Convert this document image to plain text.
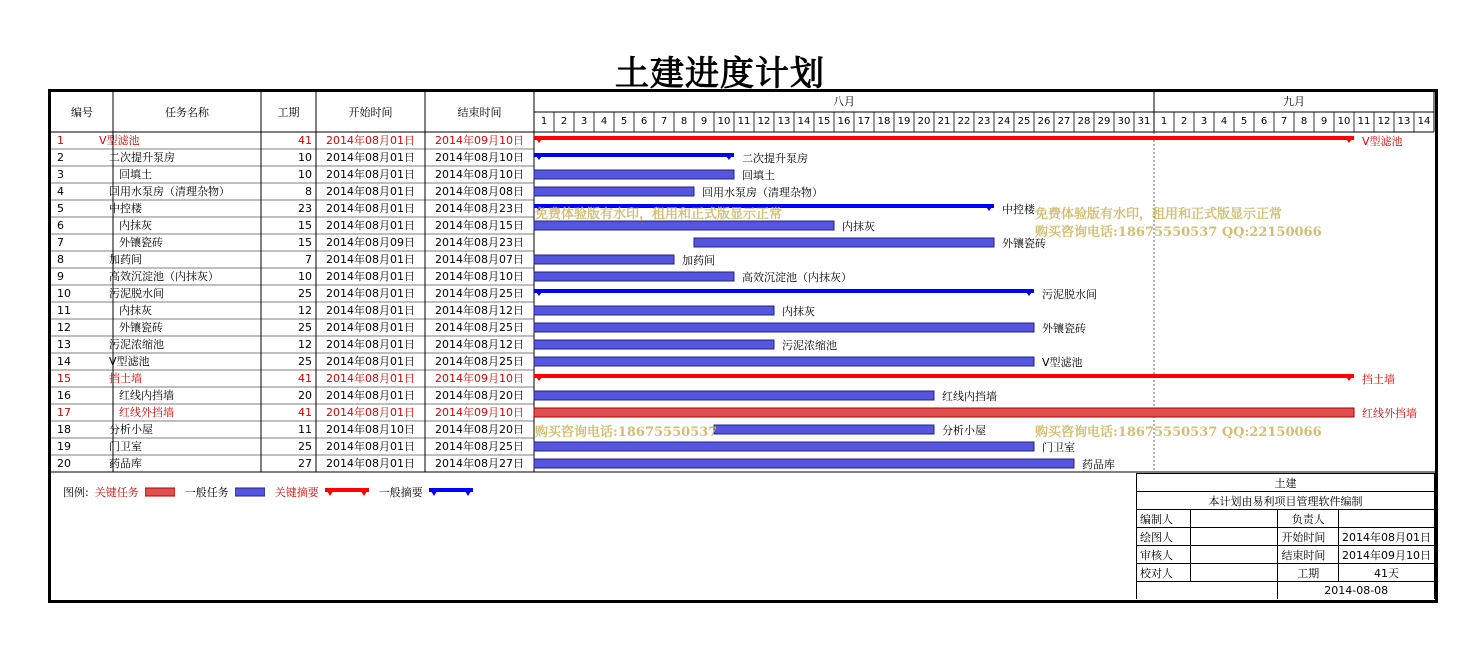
土建进度计划
编号	任务名称	工期	开始时间	结束时间
八月
1 2 3 4 5 6 7 8 9 10 11 12 13 14 15 16 17 18 19 20 21 22 23 24 25 26 27 28 29 30 31
九月
1 2 3 4 5 6 7 8 9 10 11 12 13 14
1	V型滤池	41 2014年08月01日 2014年09月10日	V型滤池
2	二次提升泵房	10 2014年08月01日 2014年08月10日	二次提升泵房
3	回填土	10 2014年08月01日 2014年08月10日	回填土
4	回用水泵房（清理杂物）	8 2014年08月01日 2014年08月08日	回用水泵房（清理杂物）
5	中控楼	23 2014年08月01日 2014年08月23日	中控楼
6	内抹灰	15 2014年08月01日 2014年08月15日	内抹灰
7	外镶瓷砖	15 2014年08月09日 2014年08月23日	外镶瓷砖
8	加药间	7 2014年08月01日 2014年08月07日	加药间
9	高效沉淀池（内抹灰）	10 2014年08月01日 2014年08月10日	高效沉淀池（内抹灰）
10	污泥脱水间	25 2014年08月01日 2014年08月25日	污泥脱水间
11	内抹灰	12 2014年08月01日 2014年08月12日	内抹灰
12	外镶瓷砖	25 2014年08月01日 2014年08月25日	外镶瓷砖
13	污泥浓缩池	12 2014年08月01日 2014年08月12日	污泥浓缩池
14	V型滤池	25 2014年08月01日 2014年08月25日	V型滤池
15	挡土墙	41 2014年08月01日 2014年09月10日	挡土墙
16	红线内挡墙	20 2014年08月01日 2014年08月20日	红线内挡墙
17	红线外挡墙	41 2014年08月01日 2014年09月10日	红线外挡墙
18	分析小屋	11 2014年08月10日 2014年08月20日	分析小屋
19	门卫室	25 2014年08月01日 2014年08月25日	门卫室
20	药品库	27 2014年08月01日 2014年08月27日	药品库
图例: 关键任务	一般任务	关键摘要	一般摘要
土建			
本计划由易利项目管理软件编制			
编制人		负责人	
绘图人		开始时间	2014年08月01日
审核人		结束时间	2014年09月10日
校对人		工期	41天
		2014-08-08	
免费体验版有水印，租用和正式版显示正常	免费体验版有水印，租用和正式版显示正常
购买咨询电话:18675550537 QQ:22150066
购买咨询电话:18675550537	购买咨询电话:18675550537 QQ:22150066
